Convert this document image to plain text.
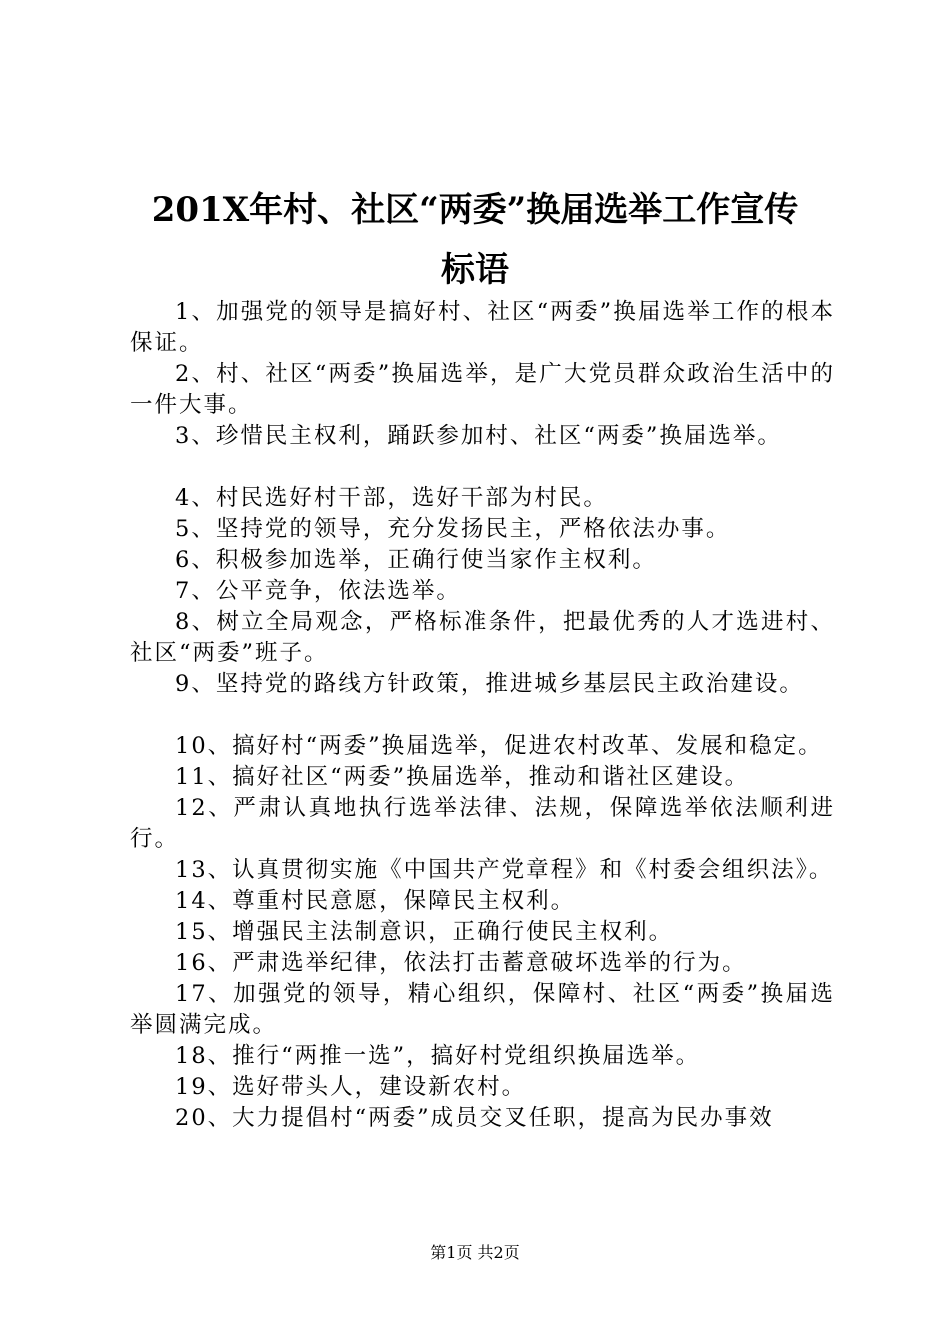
201X年村、社区“两委”换届选举工作宣传
标语

1、加强党的领导是搞好村、社区“两委”换届选举工作的根本保证。

2、村、社区“两委”换届选举，是广大党员群众政治生活中的一件大事。

3、珍惜民主权利，踊跃参加村、社区“两委”换届选举。

4、村民选好村干部，选好干部为村民。

5、坚持党的领导，充分发扬民主，严格依法办事。

6、积极参加选举，正确行使当家作主权利。

7、公平竞争，依法选举。

8、树立全局观念，严格标准条件，把最优秀的人才选进村、社区“两委”班子。

9、坚持党的路线方针政策，推进城乡基层民主政治建设。

10、搞好村“两委”换届选举，促进农村改革、发展和稳定。

11、搞好社区“两委”换届选举，推动和谐社区建设。

12、严肃认真地执行选举法律、法规，保障选举依法顺利进行。

13、认真贯彻实施《中国共产党章程》和《村委会组织法》。

14、尊重村民意愿，保障民主权利。

15、增强民主法制意识，正确行使民主权利。

16、严肃选举纪律，依法打击蓄意破坏选举的行为。

17、加强党的领导，精心组织，保障村、社区“两委”换届选举圆满完成。

18、推行“两推一选”，搞好村党组织换届选举。

19、选好带头人，建设新农村。

20、大力提倡村“两委”成员交叉任职，提高为民办事效

第1页 共2页
